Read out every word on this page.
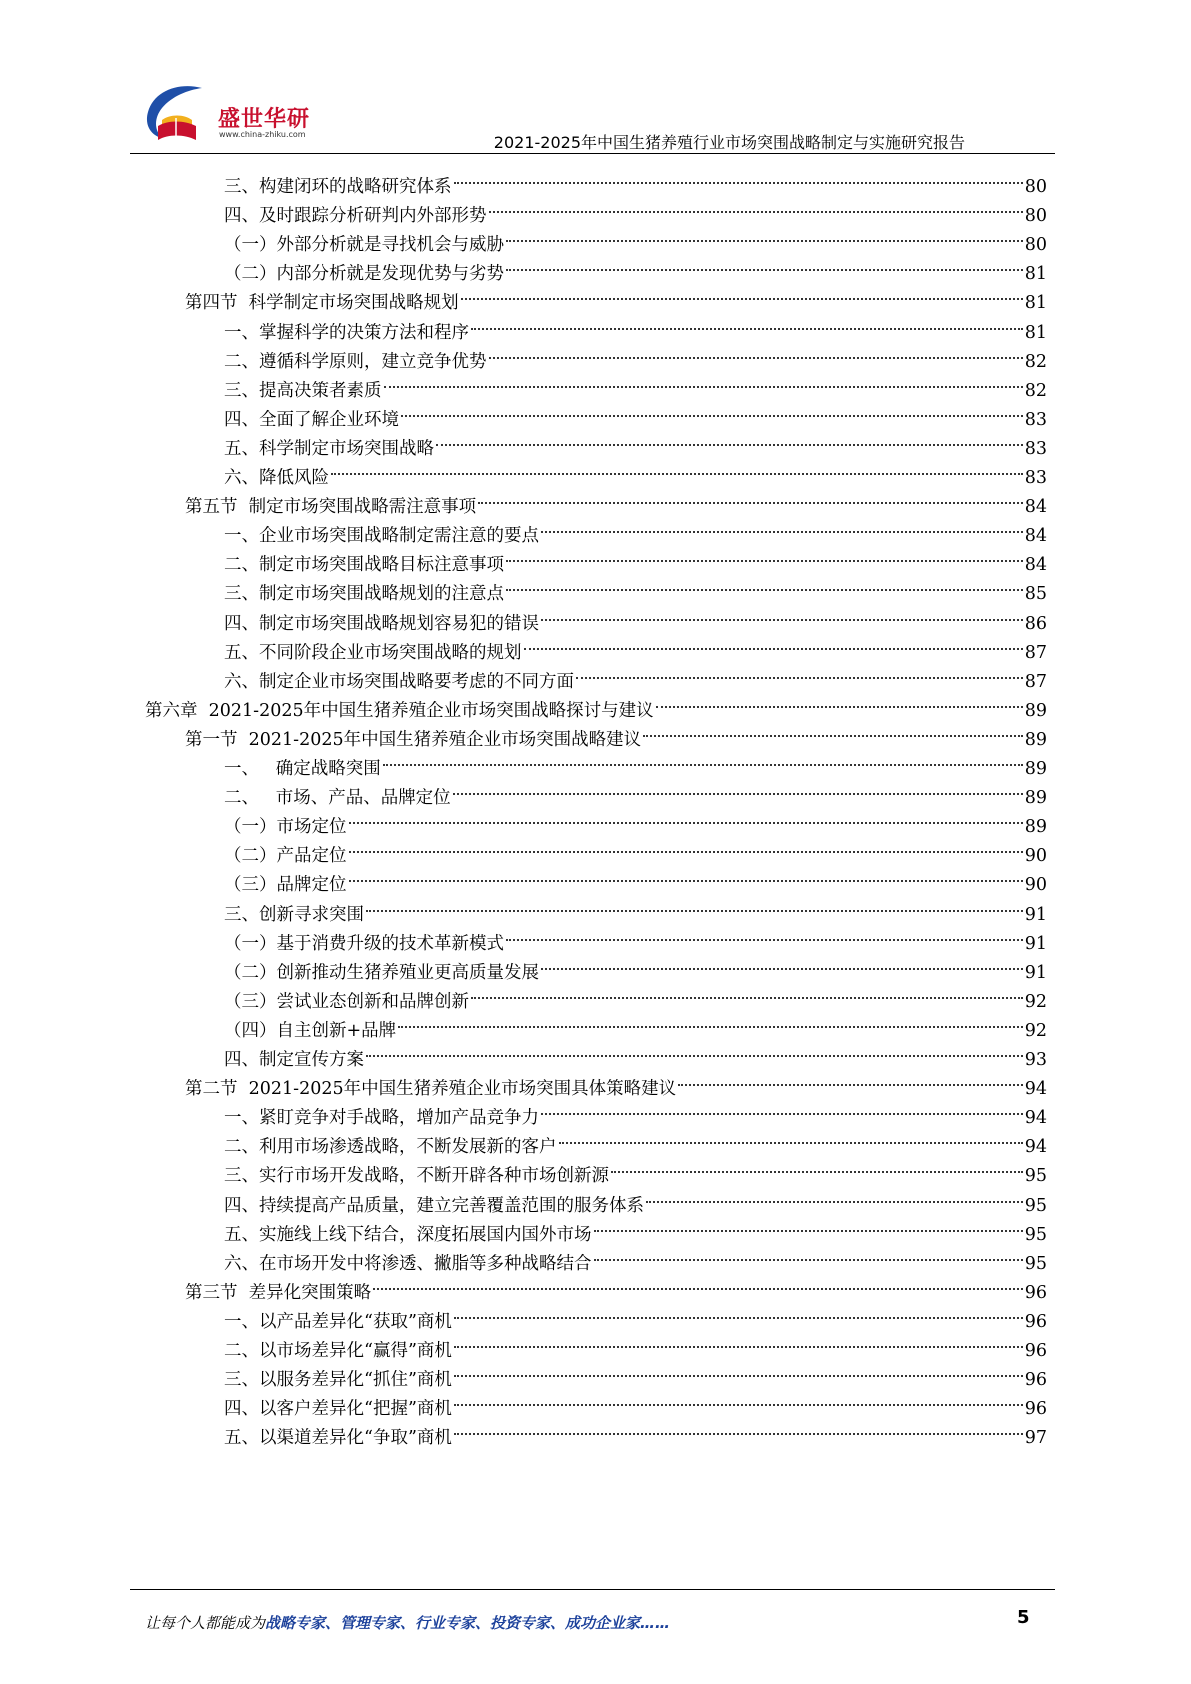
盛世华研
www.china-zhiku.com	2021-2025年中国生猪养殖行业市场突围战略制定与实施研究报告
三、构建闭环的战略研究体系	80
四、及时跟踪分析研判内外部形势	80
（一）外部分析就是寻找机会与威胁	80
（二）内部分析就是发现优势与劣势	81
第四节  科学制定市场突围战略规划	81
一、掌握科学的决策方法和程序	81
二、遵循科学原则，建立竞争优势	82
三、提高决策者素质	82
四、全面了解企业环境	83
五、科学制定市场突围战略	83
六、降低风险	83
第五节  制定市场突围战略需注意事项	84
一、企业市场突围战略制定需注意的要点	84
二、制定市场突围战略目标注意事项	84
三、制定市场突围战略规划的注意点	85
四、制定市场突围战略规划容易犯的错误	86
五、不同阶段企业市场突围战略的规划	87
六、制定企业市场突围战略要考虑的不同方面	87
第六章  2021-2025年中国生猪养殖企业市场突围战略探讨与建议	89
第一节  2021-2025年中国生猪养殖企业市场突围战略建议	89
一、   确定战略突围	89
二、   市场、产品、品牌定位	89
（一）市场定位	89
（二）产品定位	90
（三）品牌定位	90
三、创新寻求突围	91
（一）基于消费升级的技术革新模式	91
（二）创新推动生猪养殖业更高质量发展	91
（三）尝试业态创新和品牌创新	92
（四）自主创新+品牌	92
四、制定宣传方案	93
第二节  2021-2025年中国生猪养殖企业市场突围具体策略建议	94
一、紧盯竞争对手战略，增加产品竞争力	94
二、利用市场渗透战略，不断发展新的客户	94
三、实行市场开发战略，不断开辟各种市场创新源	95
四、持续提高产品质量，建立完善覆盖范围的服务体系	95
五、实施线上线下结合，深度拓展国内国外市场	95
六、在市场开发中将渗透、撇脂等多种战略结合	95
第三节  差异化突围策略	96
一、以产品差异化“获取”商机	96
二、以市场差异化“赢得”商机	96
三、以服务差异化“抓住”商机	96
四、以客户差异化“把握”商机	96
五、以渠道差异化“争取”商机	97
让每个人都能成为战略专家、管理专家、行业专家、投资专家、成功企业家……	5
